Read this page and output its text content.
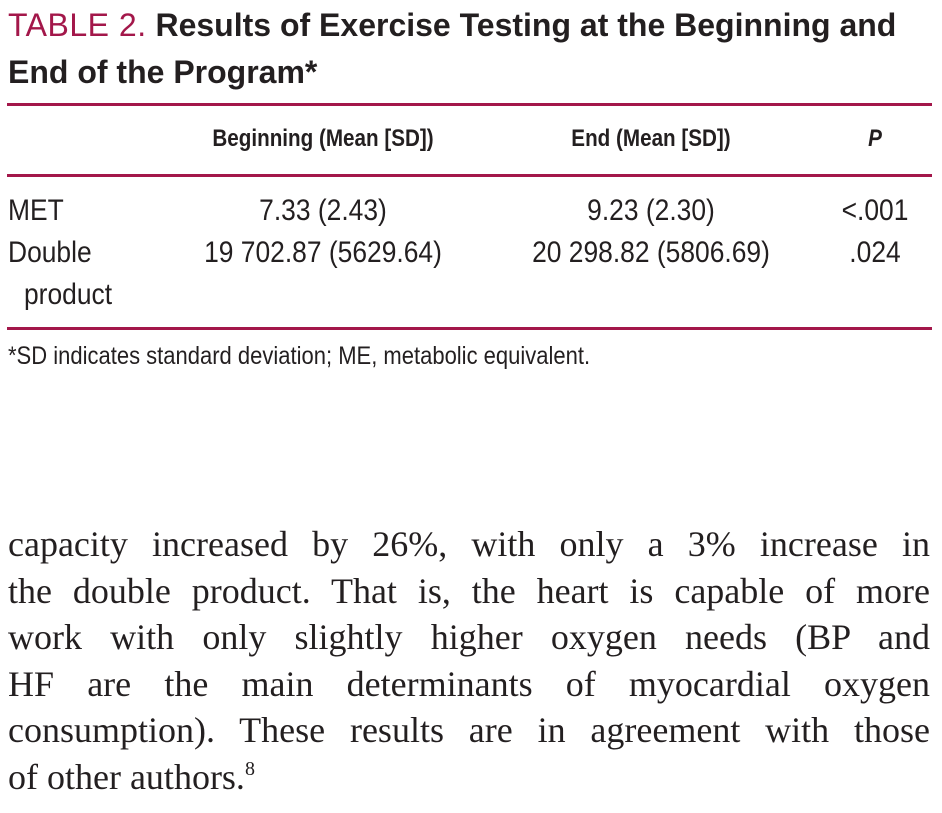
TABLE 2. Results of Exercise Testing at the Beginning and End of the Program*
Beginning (Mean [SD])	End (Mean [SD])	P
MET	7.33 (2.43)	9.23 (2.30)	<.001
Double
product
19 702.87 (5629.64)	20 298.82 (5806.69)	.024
*SD indicates standard deviation; ME, metabolic equivalent.
capacity increased by 26%, with only a 3% increase in
the double product. That is, the heart is capable of more
work with only slightly higher oxygen needs (BP and
HF are the main determinants of myocardial oxygen
consumption). These results are in agreement with those
of other authors.$^8$
